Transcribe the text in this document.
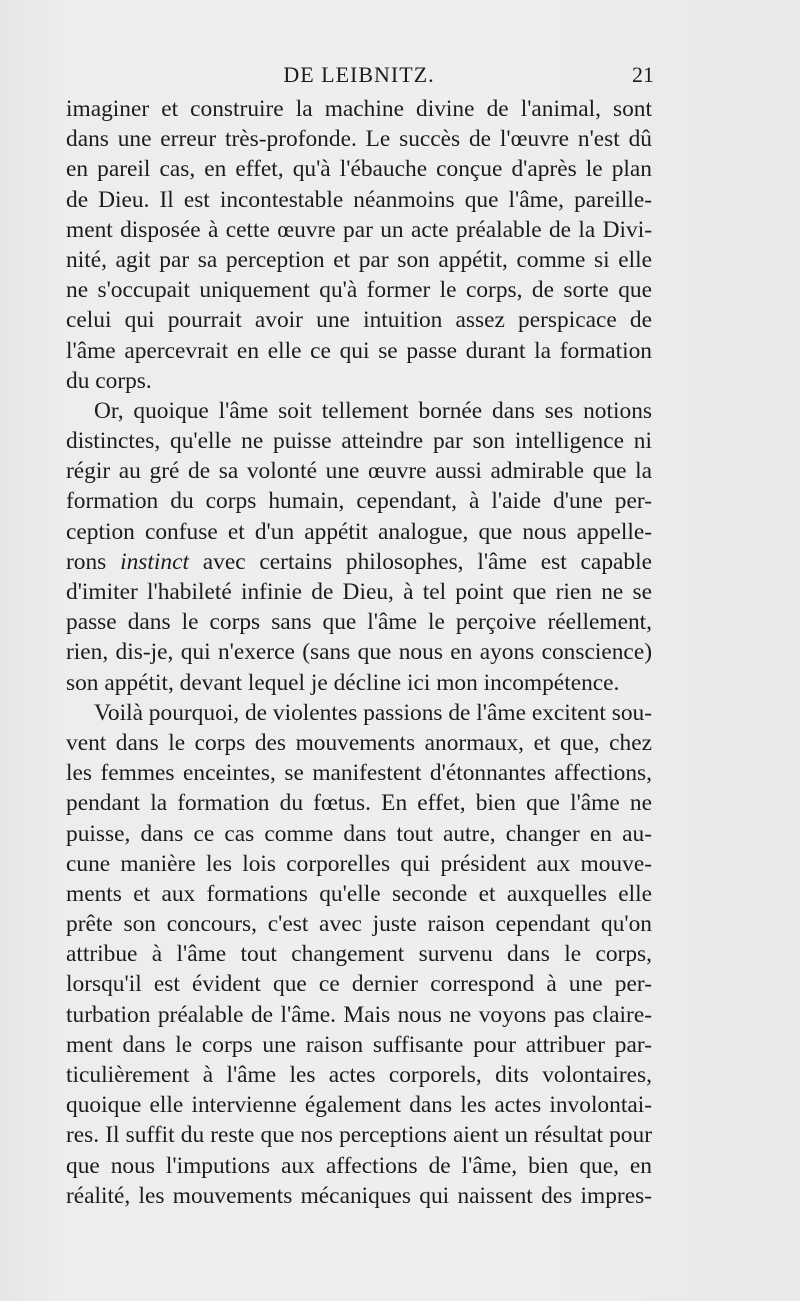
DE LEIBNITZ.	21
imaginer et construire la machine divine de l'animal, sont
dans une erreur très-profonde. Le succès de l'œuvre n'est dû
en pareil cas, en effet, qu'à l'ébauche conçue d'après le plan
de Dieu. Il est incontestable néanmoins que l'âme, pareille-
ment disposée à cette œuvre par un acte préalable de la Divi-
nité, agit par sa perception et par son appétit, comme si elle
ne s'occupait uniquement qu'à former le corps, de sorte que
celui qui pourrait avoir une intuition assez perspicace de
l'âme apercevrait en elle ce qui se passe durant la formation
du corps.
Or, quoique l'âme soit tellement bornée dans ses notions
distinctes, qu'elle ne puisse atteindre par son intelligence ni
régir au gré de sa volonté une œuvre aussi admirable que la
formation du corps humain, cependant, à l'aide d'une per-
ception confuse et d'un appétit analogue, que nous appelle-
rons instinct avec certains philosophes, l'âme est capable
d'imiter l'habileté infinie de Dieu, à tel point que rien ne se
passe dans le corps sans que l'âme le perçoive réellement,
rien, dis-je, qui n'exerce (sans que nous en ayons conscience)
son appétit, devant lequel je décline ici mon incompétence.
Voilà pourquoi, de violentes passions de l'âme excitent sou-
vent dans le corps des mouvements anormaux, et que, chez
les femmes enceintes, se manifestent d'étonnantes affections,
pendant la formation du fœtus. En effet, bien que l'âme ne
puisse, dans ce cas comme dans tout autre, changer en au-
cune manière les lois corporelles qui président aux mouve-
ments et aux formations qu'elle seconde et auxquelles elle
prête son concours, c'est avec juste raison cependant qu'on
attribue à l'âme tout changement survenu dans le corps,
lorsqu'il est évident que ce dernier correspond à une per-
turbation préalable de l'âme. Mais nous ne voyons pas claire-
ment dans le corps une raison suffisante pour attribuer par-
ticulièrement à l'âme les actes corporels, dits volontaires,
quoique elle intervienne également dans les actes involontai-
res. Il suffit du reste que nos perceptions aient un résultat pour
que nous l'imputions aux affections de l'âme, bien que, en
réalité, les mouvements mécaniques qui naissent des impres-
